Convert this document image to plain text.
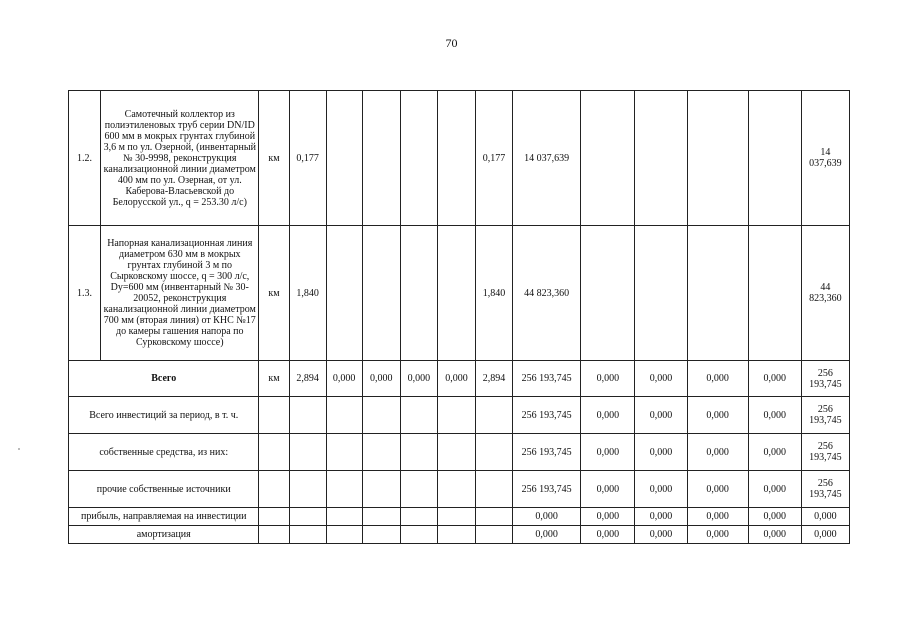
70
1.2.	Самотечный коллектор из полиэтиленовых труб серии DN/ID 600 мм в мокрых грунтах глубиной 3,6 м по ул. Озерной, (инвентарный № 30-9998, реконструкция канализационной линии диаметром 400 мм по ул. Озерная, от ул. Каберова-Власьевской до Белорусской ул., q = 253.30 л/с)	км	0,177					0,177	14 037,639					14 037,639
1.3.	Напорная канализационная линия диаметром 630 мм в мокрых грунтах глубиной 3 м по Сырковскому шоссе, q = 300 л/с, Dу=600 мм (инвентарный № 30-20052, реконструкция канализационной линии диаметром 700 мм (вторая линия) от КНС №17 до камеры гашения напора по Сурковскому шоссе)	км	1,840					1,840	44 823,360					44 823,360
Всего		км	2,894	0,000	0,000	0,000	0,000	2,894	256 193,745	0,000	0,000	0,000	0,000	256 193,745
Всего инвестиций за период, в т. ч.									256 193,745	0,000	0,000	0,000	0,000	256 193,745
собственные средства, из них:									256 193,745	0,000	0,000	0,000	0,000	256 193,745
прочие собственные источники									256 193,745	0,000	0,000	0,000	0,000	256 193,745
прибыль, направляемая на инвестиции									0,000	0,000	0,000	0,000	0,000	0,000
амортизация									0,000	0,000	0,000	0,000	0,000	0,000
